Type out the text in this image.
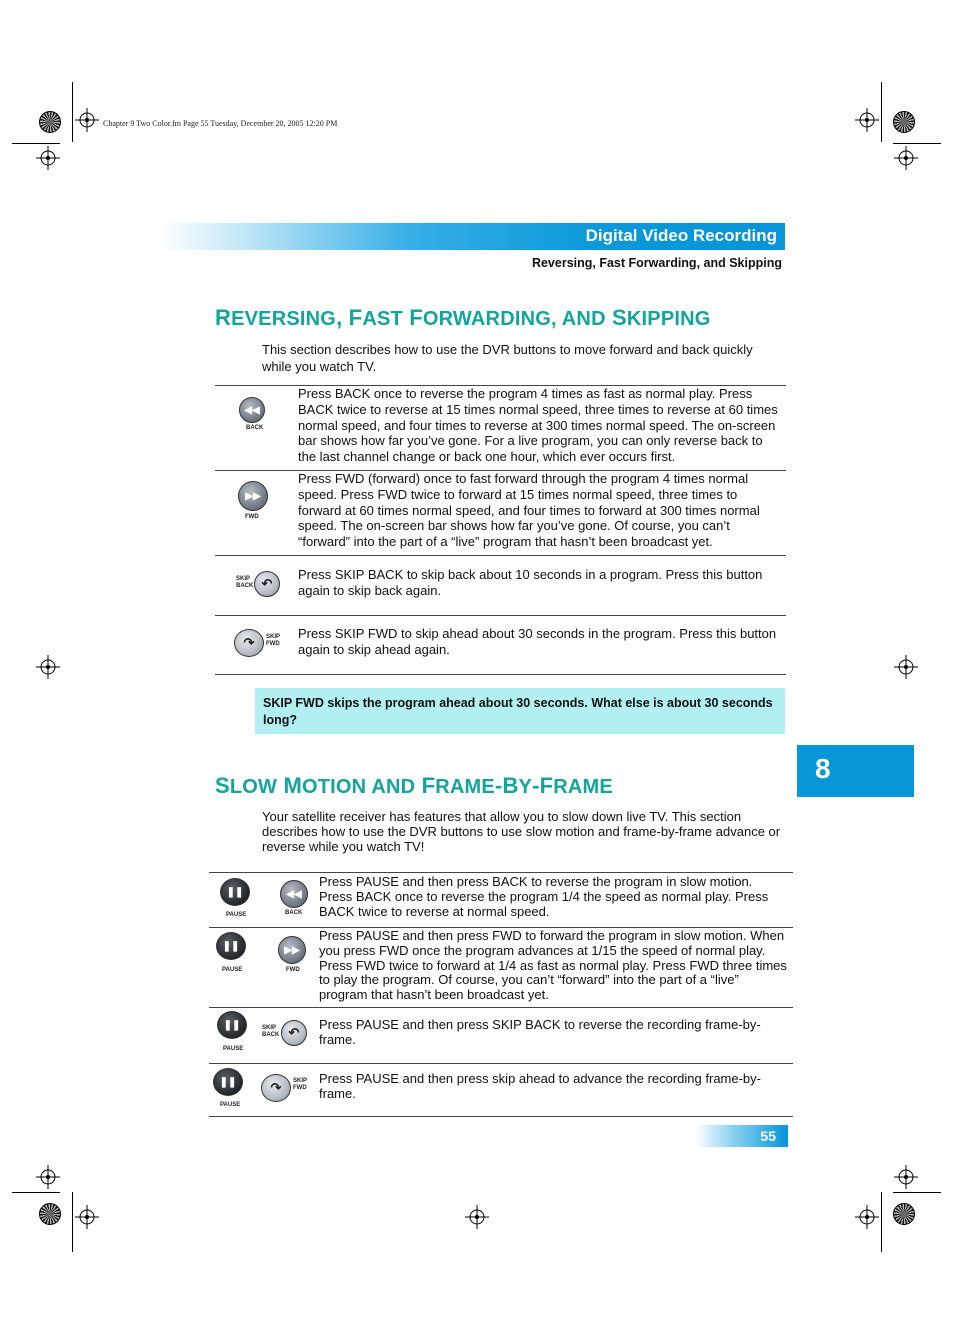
Chapter 9 Two Color.fm Page 55 Tuesday, December 20, 2005 12:20 PM
Digital Video Recording
Reversing, Fast Forwarding, and Skipping
REVERSING, FAST FORWARDING, AND SKIPPING
This section describes how to use the DVR buttons to move forward and back quickly while you watch TV.
◀◀
BACK
Press BACK once to reverse the program 4 times as fast as normal play. Press BACK twice to reverse at 15 times normal speed, three times to reverse at 60 times normal speed, and four times to reverse at 300 times normal speed. The on-screen bar shows how far you’ve gone. For a live program, you can only reverse back to the last channel change or back one hour, which ever occurs first.
▶▶
FWD
Press FWD (forward) once to fast forward through the program 4 times normal speed. Press FWD twice to forward at 15 times normal speed, three times to forward at 60 times normal speed, and four times to forward at 300 times normal speed. The on-screen bar shows how far you’ve gone. Of course, you can’t “forward” into the part of a “live” program that hasn’t been broadcast yet.
SKIP BACK ↶
Press SKIP BACK to skip back about 10 seconds in a program. Press this button again to skip back again.
↷	SKIP FWD
Press SKIP FWD to skip ahead about 30 seconds in the program. Press this button again to skip ahead again.
SKIP FWD skips the program ahead about 30 seconds. What else is about 30 seconds long?
8
SLOW MOTION AND FRAME-BY-FRAME
Your satellite receiver has features that allow you to slow down live TV. This section describes how to use the DVR buttons to use slow motion and frame-by-frame advance or reverse while you watch TV!
❚❚
PAUSE
◀◀
BACK
Press PAUSE and then press BACK to reverse the program in slow motion. Press BACK once to reverse the program 1/4 the speed as normal play. Press BACK twice to reverse at normal speed.
❚❚
PAUSE
▶▶
FWD
Press PAUSE and then press FWD to forward the program in slow motion. When you press FWD once the program advances at 1/15 the speed of normal play. Press FWD twice to forward at 1/4 as fast as normal play. Press FWD three times to play the program. Of course, you can’t “forward” into the part of a “live” program that hasn’t been broadcast yet.
❚❚
PAUSE
SKIP BACK ↶
Press PAUSE and then press SKIP BACK to reverse the recording frame-by-frame.
❚❚
PAUSE
↷	SKIP FWD
Press PAUSE and then press skip ahead to advance the recording frame-by-frame.
55
